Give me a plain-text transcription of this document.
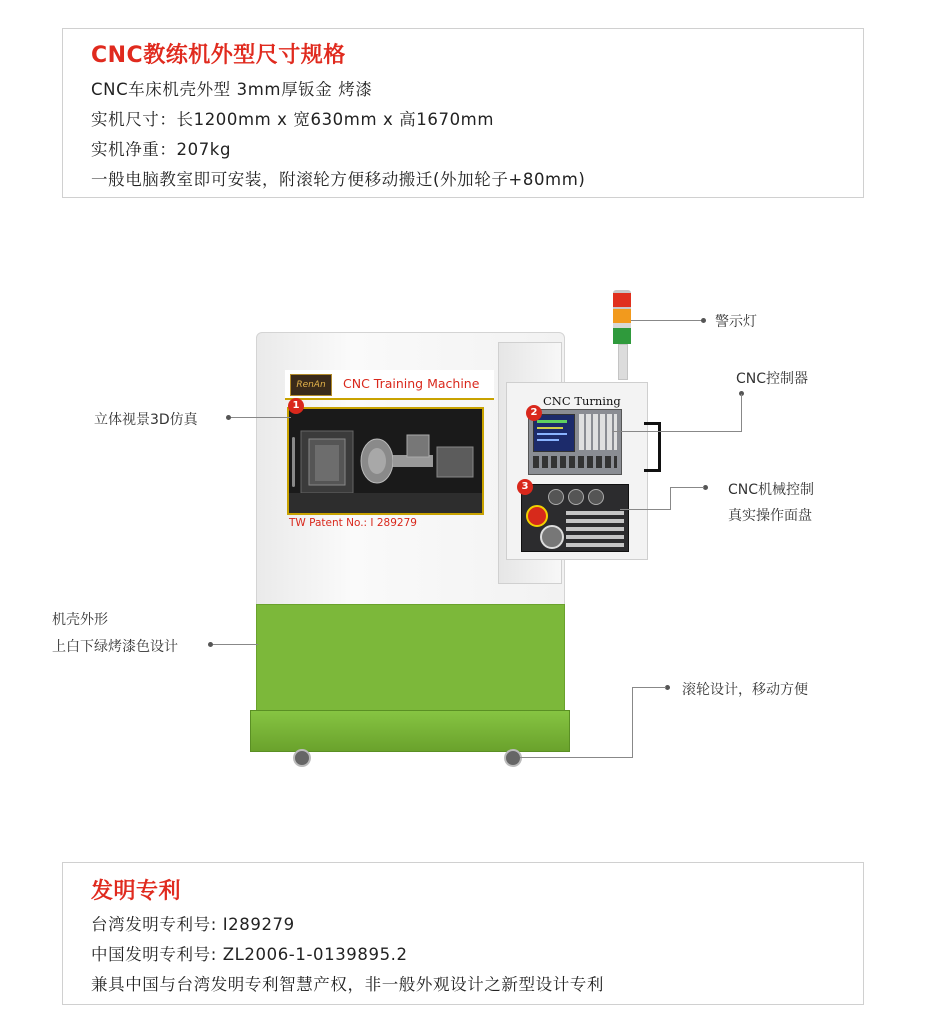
CNC教练机外型尺寸规格
CNC车床机壳外型 3mm厚钣金 烤漆
实机尺寸：长1200mm x 宽630mm x 高1670mm
实机净重：207kg
一般电脑教室即可安装，附滚轮方便移动搬迁(外加轮子+80mm)
RenAn	CNC Training Machine
TW Patent No.: I 289279
1	CNC Turning
2
3
警示灯
CNC控制器
CNC机械控制
真实操作面盘
立体视景3D仿真
机壳外形
上白下绿烤漆色设计
滚轮设计，移动方便
发明专利
台湾发明专利号: I289279
中国发明专利号: ZL2006-1-0139895.2
兼具中国与台湾发明专利智慧产权，非一般外观设计之新型设计专利
